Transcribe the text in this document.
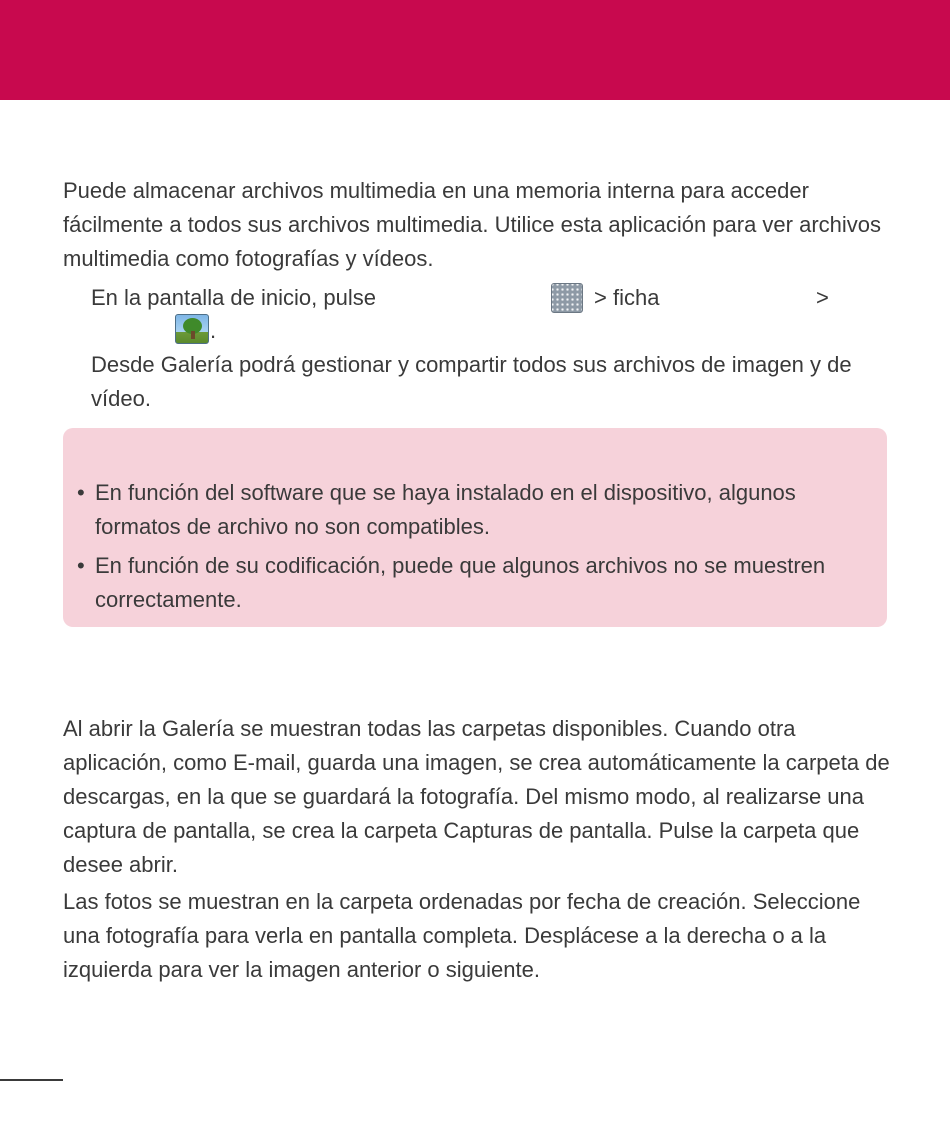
Puede almacenar archivos multimedia en una memoria interna para acceder fácilmente a todos sus archivos multimedia. Utilice esta aplicación para ver archivos multimedia como fotografías y vídeos.

En la pantalla de inicio, pulse	> ficha	>
.

Desde Galería podrá gestionar y compartir todos sus archivos de imagen y de vídeo.

• En función del software que se haya instalado en el dispositivo, algunos formatos de archivo no son compatibles.
• En función de su codificación, puede que algunos archivos no se muestren correctamente.

Al abrir la Galería se muestran todas las carpetas disponibles. Cuando otra aplicación, como E-mail, guarda una imagen, se crea automáticamente la carpeta de descargas, en la que se guardará la fotografía. Del mismo modo, al realizarse una captura de pantalla, se crea la carpeta Capturas de pantalla. Pulse la carpeta que desee abrir.

Las fotos se muestran en la carpeta ordenadas por fecha de creación. Seleccione una fotografía para verla en pantalla completa. Desplácese a la derecha o a la izquierda para ver la imagen anterior o siguiente.
